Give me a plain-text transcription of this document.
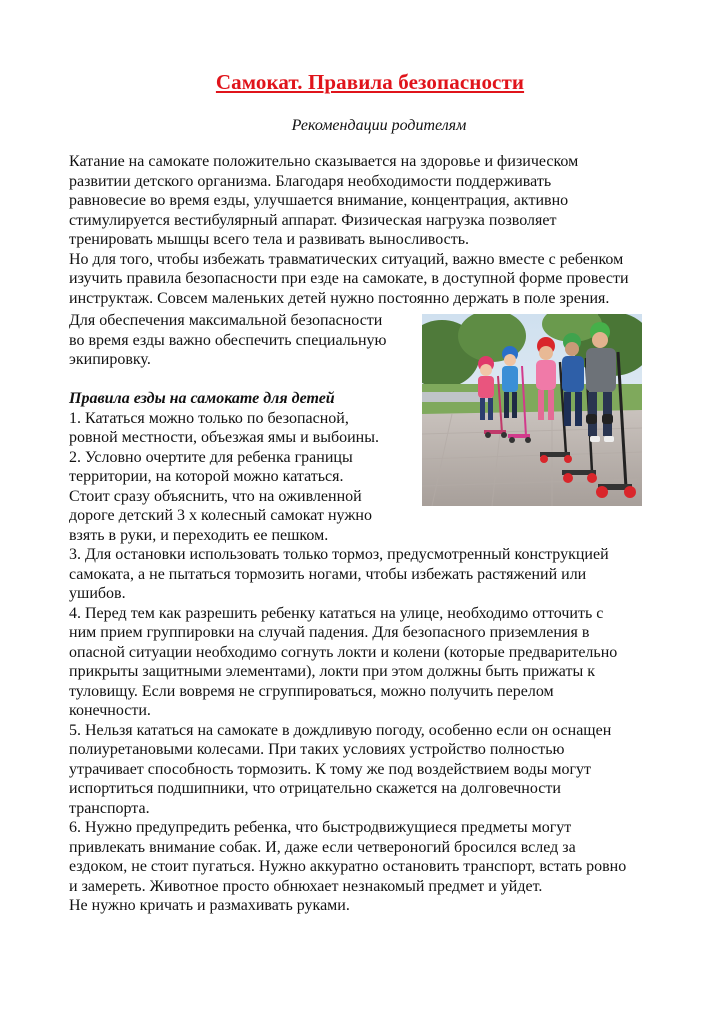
Самокат. Правила безопасности
Рекомендации родителям
Катание на самокате положительно сказывается на здоровье и физическом
развитии детского организма. Благодаря необходимости поддерживать
равновесие во время езды, улучшается внимание, концентрация, активно
стимулируется вестибулярный аппарат. Физическая нагрузка позволяет
тренировать мышцы всего тела и развивать выносливость.
Но для того, чтобы избежать травматических ситуаций, важно вместе с ребенком
изучить правила безопасности при езде на самокате, в доступной форме провести
инструктаж. Совсем маленьких детей нужно постоянно держать в поле зрения.
Для обеспечения максимальной безопасности
во время езды важно обеспечить специальную
экипировку.
Правила езды на самокате для детей
1. Кататься можно только по безопасной,
ровной местности, объезжая ямы и выбоины.
2. Условно очертите для ребенка границы
территории, на которой можно кататься.
Стоит сразу объяснить, что на оживленной
дороге детский 3 х колесный самокат нужно
взять в руки, и переходить ее пешком.
3. Для остановки использовать только тормоз, предусмотренный конструкцией
самоката, а не пытаться тормозить ногами, чтобы избежать растяжений или
ушибов.
4. Перед тем как разрешить ребенку кататься на улице, необходимо отточить с
ним прием группировки на случай падения. Для безопасного приземления в
опасной ситуации необходимо согнуть локти и колени (которые предварительно
прикрыты защитными элементами), локти при этом должны быть прижаты к
туловищу. Если вовремя не сгруппироваться, можно получить перелом
конечности.
5. Нельзя кататься на самокате в дождливую погоду, особенно если он оснащен
полиуретановыми колесами. При таких условиях устройство полностью
утрачивает способность тормозить. К тому же под воздействием воды могут
испортиться подшипники, что отрицательно скажется на долговечности
транспорта.
6. Нужно предупредить ребенка, что быстродвижущиеся предметы могут
привлекать внимание собак. И, даже если четвероногий бросился вслед за
ездоком, не стоит пугаться. Нужно аккуратно остановить транспорт, встать ровно
и замереть. Животное просто обнюхает незнакомый предмет и уйдет.
Не нужно кричать и размахивать руками.
